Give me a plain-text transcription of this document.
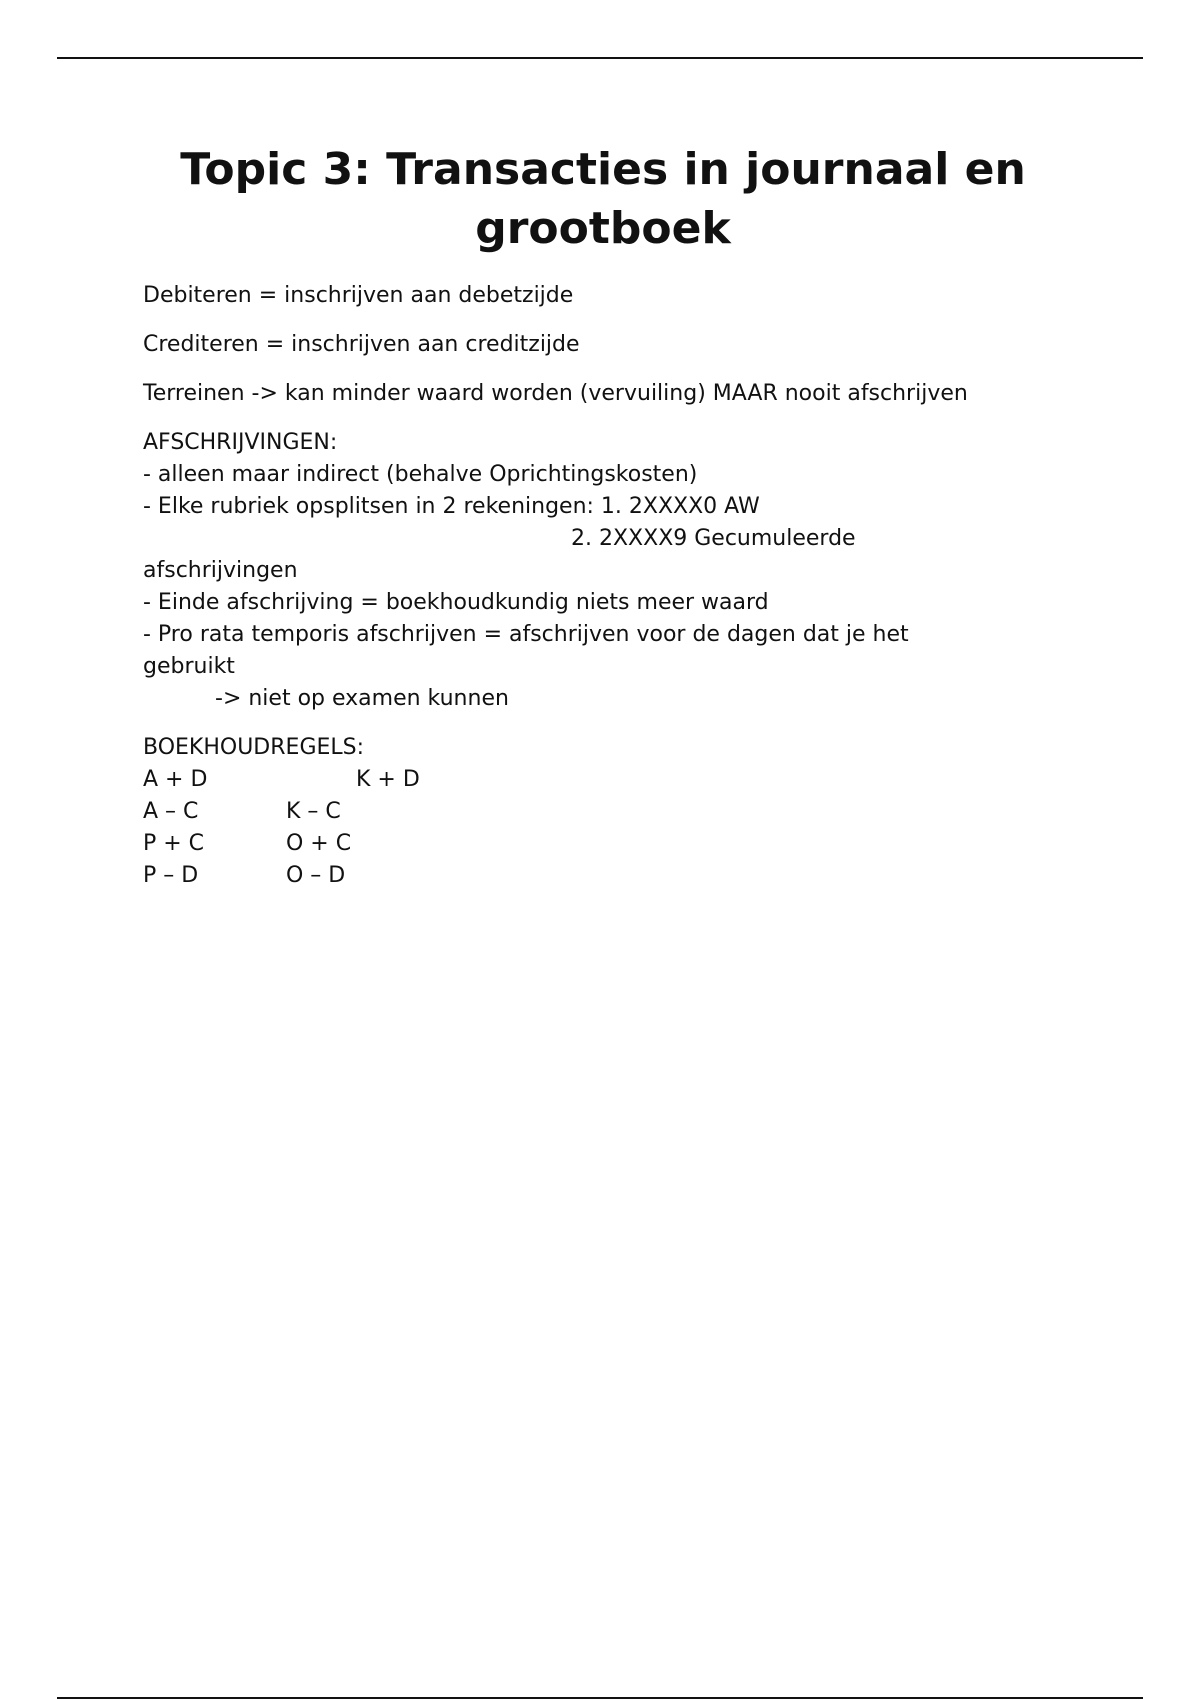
Topic 3: Transacties in journaal en grootboek

Debiteren = inschrijven aan debetzijde

Crediteren = inschrijven aan creditzijde

Terreinen -> kan minder waard worden (vervuiling) MAAR nooit afschrijven

AFSCHRIJVINGEN:

- alleen maar indirect (behalve Oprichtingskosten)

- Elke rubriek opsplitsen in 2 rekeningen: 1. 2XXXX0 AW

2. 2XXXX9 Gecumuleerde

afschrijvingen

- Einde afschrijving = boekhoudkundig niets meer waard

- Pro rata temporis afschrijven = afschrijven voor de dagen dat je het

gebruikt

-> niet op examen kunnen

BOEKHOUDREGELS:

A + D	K + D
A – C	K – C
P + C	O + C
P – D	O – D
